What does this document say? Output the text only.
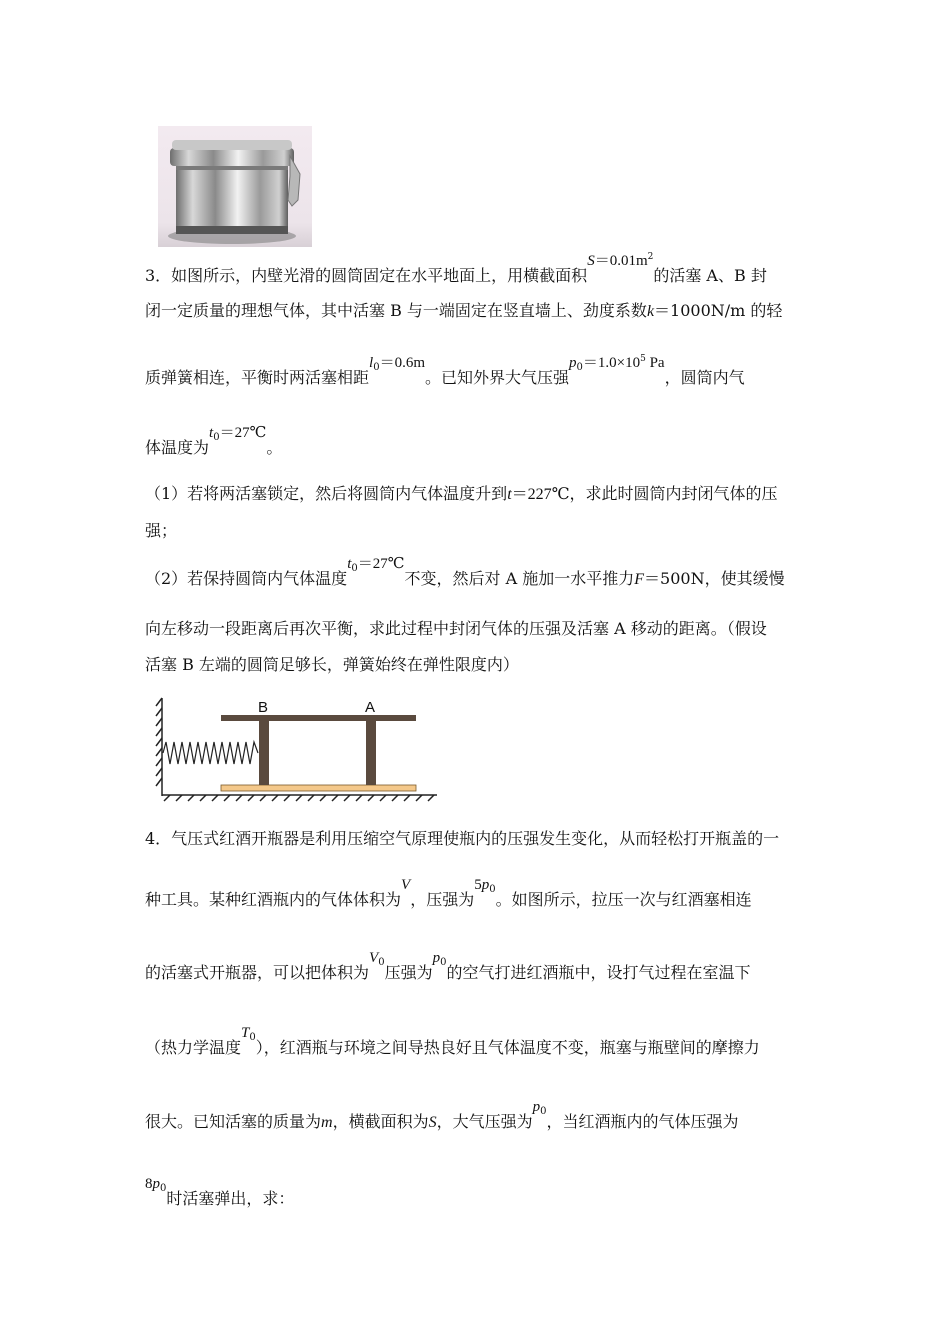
3．如图所示，内壁光滑的圆筒固定在水平地面上，用横截面积$S=0.01m^2$的活塞 A、B 封
闭一定质量的理想气体，其中活塞 B 与一端固定在竖直墙上、劲度系数k＝1000N/m 的轻
质弹簧相连，平衡时两活塞相距$l_0=0.6m$。已知外界大气压强$p_0=1.0\times 10^5$ Pa，圆筒内气
体温度为$t_0=27℃$。
（1）若将两活塞锁定，然后将圆筒内气体温度升到t＝227℃，求此时圆筒内封闭气体的压
强；
（2）若保持圆筒内气体温度$t_0=27℃$不变，然后对 A 施加一水平推力F＝500N，使其缓慢
向左移动一段距离后再次平衡，求此过程中封闭气体的压强及活塞 A 移动的距离。（假设
活塞 B 左端的圆筒足够长，弹簧始终在弹性限度内）
B	A
4．气压式红酒开瓶器是利用压缩空气原理使瓶内的压强发生变化，从而轻松打开瓶盖的一
种工具。某种红酒瓶内的气体体积为V，压强为$5p_0$。如图所示，拉压一次与红酒塞相连
的活塞式开瓶器，可以把体积为$V_0$压强为$p_0$的空气打进红酒瓶中，设打气过程在室温下
（热力学温度$T_0$），红酒瓶与环境之间导热良好且气体温度不变，瓶塞与瓶壁间的摩擦力
很大。已知活塞的质量为m，横截面积为S，大气压强为$p_0$，当红酒瓶内的气体压强为
$8p_0$时活塞弹出，求：
